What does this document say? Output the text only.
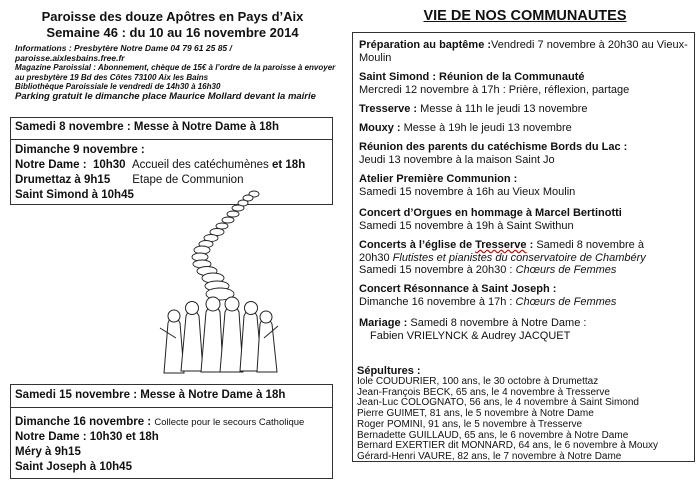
Paroisse des douze Apôtres en Pays d’Aix
Semaine 46 : du 10 au 16 novembre 2014
Informations : Presbytère Notre Dame 04 79 61 25 85 /
paroisse.aixlesbains.free.fr
Magazine Paroissial : Abonnement, chèque de 15€ à l’ordre de la paroisse à envoyer
au presbytère 19 Bd des Côtes 73100 Aix les Bains
Bibliothèque Paroissiale le vendredi de 14h30 à 16h30
Parking gratuit le dimanche place Maurice Mollard devant la mairie
Samedi 8 novembre : Messe à Notre Dame à 18h
Dimanche 9 novembre :
Notre Dame : 10h30 Accueil des catéchumènes et 18h
Drumettaz à 9h15 Etape de Communion
Saint Simond à 10h45
Samedi 15 novembre : Messe à Notre Dame à 18h
Dimanche 16 novembre : Collecte pour le secours Catholique
Notre Dame : 10h30 et 18h
Méry à 9h15
Saint Joseph à 10h45
VIE DE NOS COMMUNAUTES
Préparation au baptême :Vendredi 7 novembre à 20h30 au Vieux-Moulin
Saint Simond : Réunion de la Communauté
Mercredi 12 novembre à 17h : Prière, réflexion, partage
Tresserve : Messe à 11h le jeudi 13 novembre
Mouxy : Messe à 19h le jeudi 13 novembre
Réunion des parents du catéchisme Bords du Lac :
Jeudi 13 novembre à la maison Saint Jo
Atelier Première Communion :
Samedi 15 novembre à 16h au Vieux Moulin
Concert d’Orgues en hommage à Marcel Bertinotti
Samedi 15 novembre à 19h à Saint Swithun
Concerts à l’église de Tresserve : Samedi 8 novembre à
20h30 Flutistes et pianistes du conservatoire de Chambéry
Samedi 15 novembre à 20h30 : Chœurs de Femmes
Concert Résonnance à Saint Joseph :
Dimanche 16 novembre à 17h : Chœurs de Femmes
Mariage : Samedi 8 novembre à Notre Dame :
Fabien VRIELYNCK & Audrey JACQUET
Sépultures :
Iole COUDURIER, 100 ans, le 30 octobre à Drumettaz
Jean-François BECK, 65 ans, le 4 novembre à Tresserve
Jean-Luc COLOGNATO, 56 ans, le 4 novembre à Saint Simond
Pierre GUIMET, 81 ans, le 5 novembre à Notre Dame
Roger POMINI, 91 ans, le 5 novembre à Tresserve
Bernadette GUILLAUD, 65 ans, le 6 novembre à Notre Dame
Bernard EXERTIER dit MONNARD, 64 ans, le 6 novembre à Mouxy
Gérard-Henri VAURE, 82 ans, le 7 novembre à Notre Dame
